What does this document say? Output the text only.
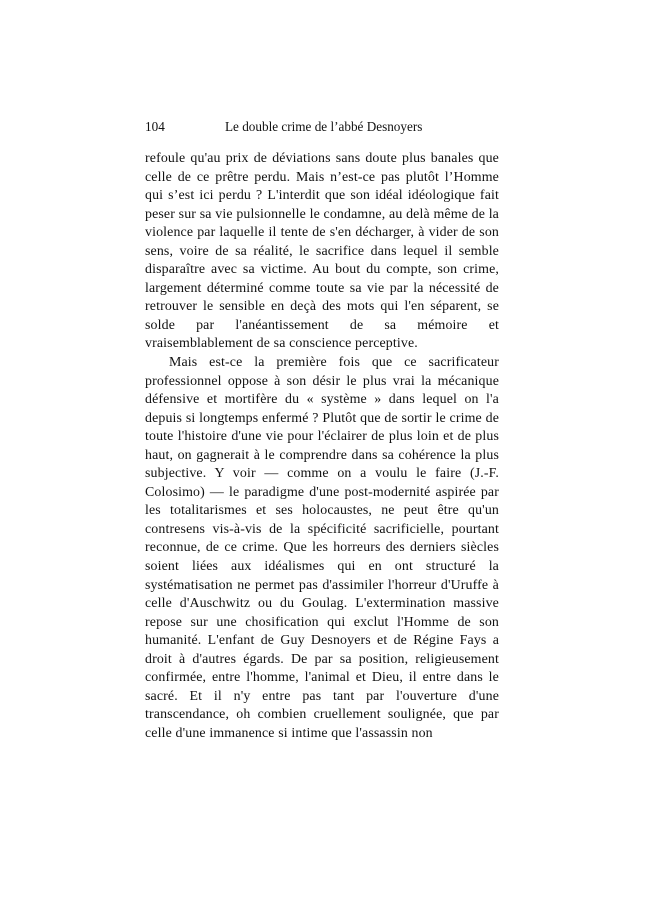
104	Le double crime de l’abbé Desnoyers

refoule qu'au prix de déviations sans doute plus banales que celle de ce prêtre perdu. Mais n’est-ce pas plutôt l’Homme qui s’est ici perdu ? L'interdit que son idéal idéologique fait peser sur sa vie pulsionnelle le condamne, au delà même de la violence par laquelle il tente de s'en décharger, à vider de son sens, voire de sa réalité, le sacrifice dans lequel il semble disparaître avec sa victime. Au bout du compte, son crime, largement déterminé comme toute sa vie par la nécessité de retrouver le sensible en deçà des mots qui l'en séparent, se solde par l'anéantissement de sa mémoire et vraisemblablement de sa conscience perceptive.

Mais est-ce la première fois que ce sacrificateur professionnel oppose à son désir le plus vrai la mécanique défensive et mortifère du « système » dans lequel on l'a depuis si longtemps enfermé ? Plutôt que de sortir le crime de toute l'histoire d'une vie pour l'éclairer de plus loin et de plus haut, on gagnerait à le comprendre dans sa cohérence la plus subjective. Y voir — comme on a voulu le faire (J.-F. Colosimo) — le paradigme d'une post-modernité aspirée par les totalitarismes et ses holocaustes, ne peut être qu'un contresens vis-à-vis de la spécificité sacrificielle, pourtant reconnue, de ce crime. Que les horreurs des derniers siècles soient liées aux idéalismes qui en ont structuré la systématisation ne permet pas d'assimiler l'horreur d'Uruffe à celle d'Auschwitz ou du Goulag. L'extermination massive repose sur une chosification qui exclut l'Homme de son humanité. L'enfant de Guy Desnoyers et de Régine Fays a droit à d'autres égards. De par sa position, religieusement confirmée, entre l'homme, l'animal et Dieu, il entre dans le sacré. Et il n'y entre pas tant par l'ouverture d'une transcendance, oh combien cruellement soulignée, que par celle d'une immanence si intime que l'assassin non
